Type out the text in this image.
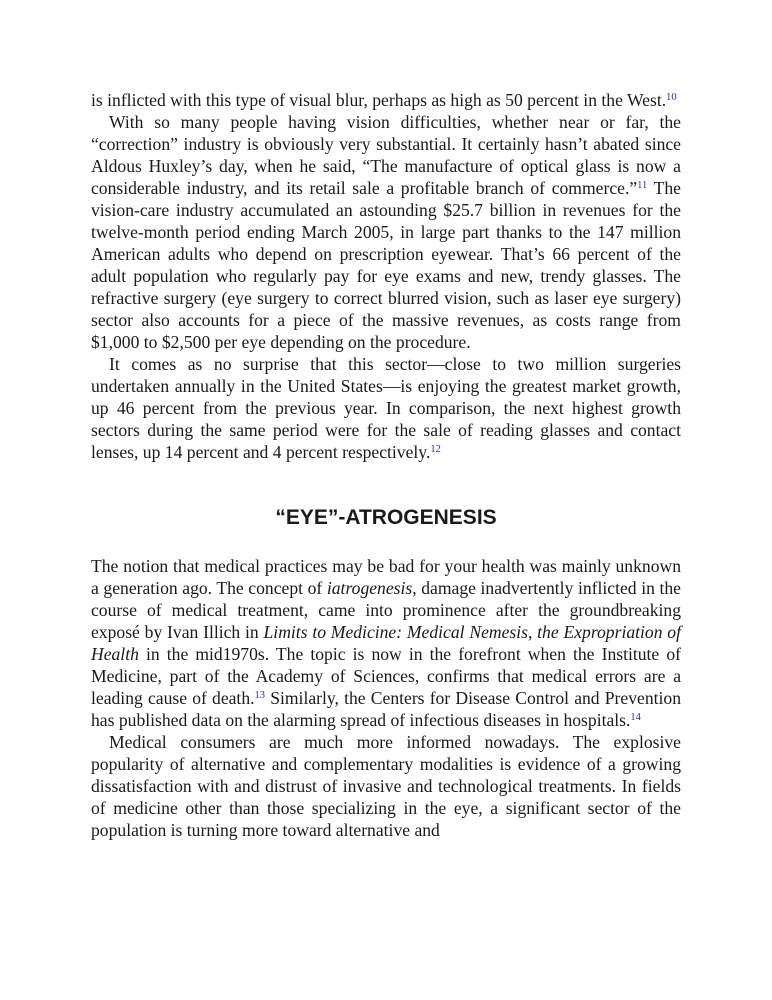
is inflicted with this type of visual blur, perhaps as high as 50 percent in the West.$^{10}$

With so many people having vision difficulties, whether near or far, the “correction” industry is obviously very substantial. It certainly hasn’t abated since Aldous Huxley’s day, when he said, “The manufacture of optical glass is now a considerable industry, and its retail sale a profitable branch of commerce.”$^{11}$ The vision-care industry accumulated an astounding $25.7 billion in revenues for the twelve-month period ending March 2005, in large part thanks to the 147 million American adults who depend on prescription eyewear. That’s 66 percent of the adult population who regularly pay for eye exams and new, trendy glasses. The refractive surgery (eye surgery to correct blurred vision, such as laser eye surgery) sector also accounts for a piece of the massive revenues, as costs range from $1,000 to $2,500 per eye depending on the procedure.

It comes as no surprise that this sector—close to two million surgeries undertaken annually in the United States—is enjoying the greatest market growth, up 46 percent from the previous year. In comparison, the next highest growth sectors during the same period were for the sale of reading glasses and contact lenses, up 14 percent and 4 percent respectively.$^{12}$

“EYE”-ATROGENESIS

The notion that medical practices may be bad for your health was mainly unknown a generation ago. The concept of iatrogenesis, damage inadvertently inflicted in the course of medical treatment, came into prominence after the groundbreaking exposé by Ivan Illich in Limits to Medicine: Medical Nemesis, the Expropriation of Health in the mid1970s. The topic is now in the forefront when the Institute of Medicine, part of the Academy of Sciences, confirms that medical errors are a leading cause of death.$^{13}$ Similarly, the Centers for Disease Control and Prevention has published data on the alarming spread of infectious diseases in hospitals.$^{14}$

Medical consumers are much more informed nowadays. The explosive popularity of alternative and complementary modalities is evidence of a growing dissatisfaction with and distrust of invasive and technological treatments. In fields of medicine other than those specializing in the eye, a significant sector of the population is turning more toward alternative and
